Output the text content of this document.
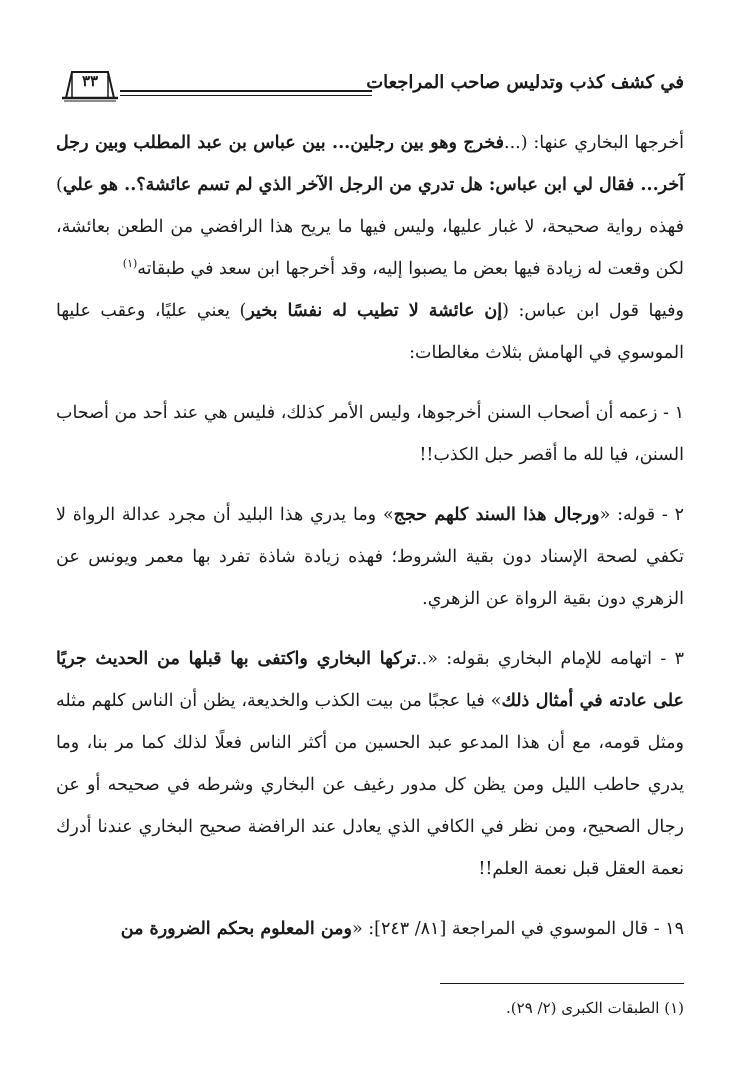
في كشف كذب وتدليس صاحب المراجعات
٣٣

أخرجها البخاري عنها: (...فخرج وهو بين رجلين... بين عباس بن عبد المطلب وبين رجل آخر... فقال لي ابن عباس: هل تدري من الرجل الآخر الذي لم تسم عائشة؟.. هو علي) فهذه رواية صحيحة، لا غبار عليها، وليس فيها ما يريح هذا الرافضي من الطعن بعائشة، لكن وقعت له زيادة فيها بعض ما يصبوا إليه، وقد أخرجها ابن سعد في طبقاته$^{(١)}$

وفيها قول ابن عباس: (إن عائشة لا تطيب له نفسًا بخير) يعني عليًا، وعقب عليها الموسوي في الهامش بثلاث مغالطات:

١ - زعمه أن أصحاب السنن أخرجوها، وليس الأمر كذلك، فليس هي عند أحد من أصحاب السنن، فيا لله ما أقصر حبل الكذب!!

٢ - قوله: «ورجال هذا السند كلهم حجج» وما يدري هذا البليد أن مجرد عدالة الرواة لا تكفي لصحة الإسناد دون بقية الشروط؛ فهذه زيادة شاذة تفرد بها معمر ويونس عن الزهري دون بقية الرواة عن الزهري.

٣ - اتهامه للإمام البخاري بقوله: «..تركها البخاري واكتفى بها قبلها من الحديث جريًا على عادته في أمثال ذلك» فيا عجبًا من بيت الكذب والخديعة، يظن أن الناس كلهم مثله ومثل قومه، مع أن هذا المدعو عبد الحسين من أكثر الناس فعلًا لذلك كما مر بنا، وما يدري حاطب الليل ومن يظن كل مدور رغيف عن البخاري وشرطه في صحيحه أو عن رجال الصحيح، ومن نظر في الكافي الذي يعادل عند الرافضة صحيح البخاري عندنا أدرك نعمة العقل قبل نعمة العلم!!

١٩ - قال الموسوي في المراجعة [٨١/ ٢٤٣]: «ومن المعلوم بحكم الضرورة من

(١) الطبقات الكبرى (٢/ ٢٩).
